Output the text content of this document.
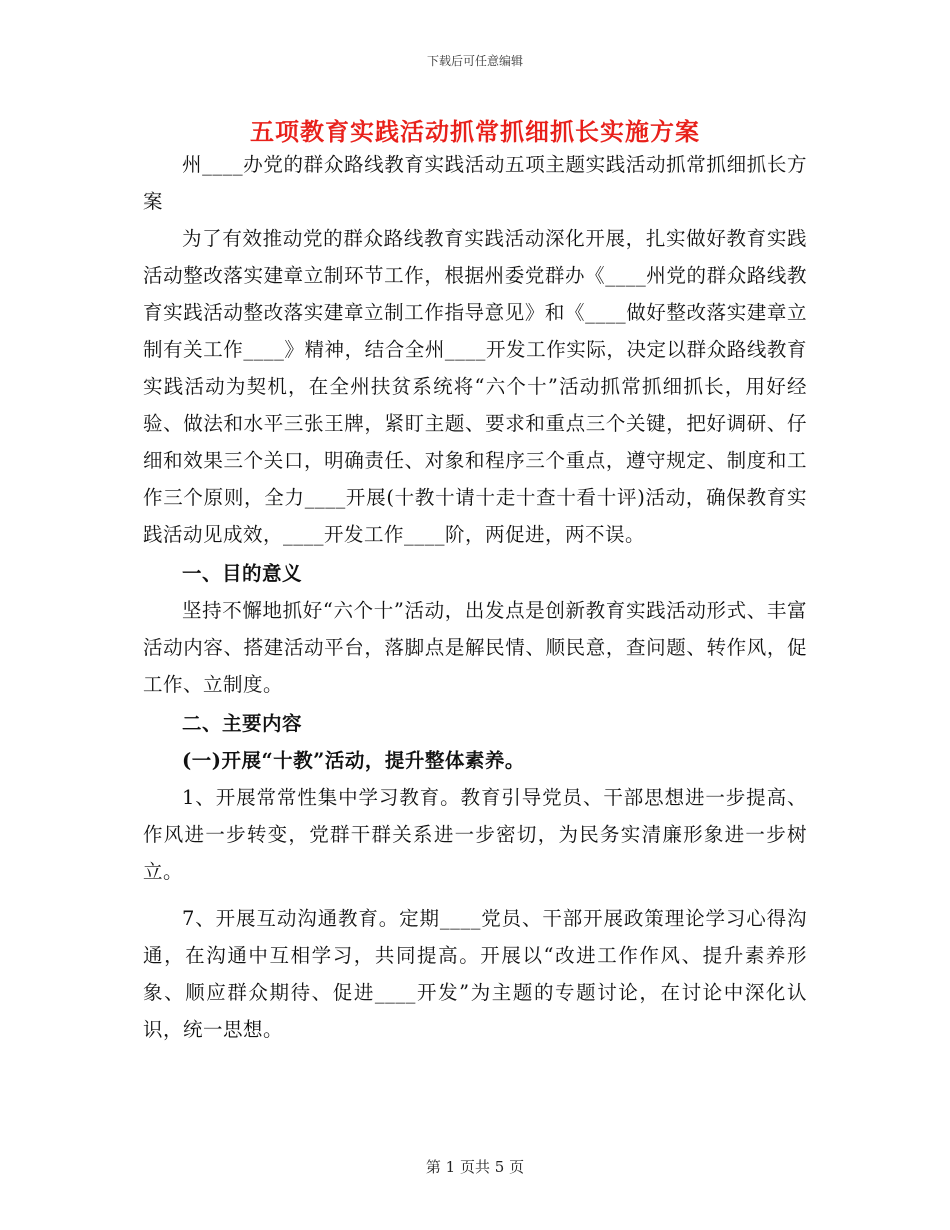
下载后可任意编辑
五项教育实践活动抓常抓细抓长实施方案

州____办党的群众路线教育实践活动五项主题实践活动抓常抓细抓长方案

为了有效推动党的群众路线教育实践活动深化开展，扎实做好教育实践活动整改落实建章立制环节工作，根据州委党群办《____州党的群众路线教育实践活动整改落实建章立制工作指导意见》和《____做好整改落实建章立制有关工作____》精神，结合全州____开发工作实际，决定以群众路线教育实践活动为契机，在全州扶贫系统将“六个十”活动抓常抓细抓长，用好经验、做法和水平三张王牌，紧盯主题、要求和重点三个关键，把好调研、仔细和效果三个关口，明确责任、对象和程序三个重点，遵守规定、制度和工作三个原则，全力____开展(十教十请十走十查十看十评)活动，确保教育实践活动见成效，____开发工作____阶，两促进，两不误。

一、目的意义

坚持不懈地抓好“六个十”活动，出发点是创新教育实践活动形式、丰富活动内容、搭建活动平台，落脚点是解民情、顺民意，查问题、转作风，促工作、立制度。

二、主要内容

(一)开展“十教”活动，提升整体素养。

1、开展常常性集中学习教育。教育引导党员、干部思想进一步提高、作风进一步转变，党群干群关系进一步密切，为民务实清廉形象进一步树立。

7、开展互动沟通教育。定期____党员、干部开展政策理论学习心得沟通，在沟通中互相学习，共同提高。开展以“改进工作作风、提升素养形象、顺应群众期待、促进____开发”为主题的专题讨论，在讨论中深化认识，统一思想。

第 1 页共 5 页
